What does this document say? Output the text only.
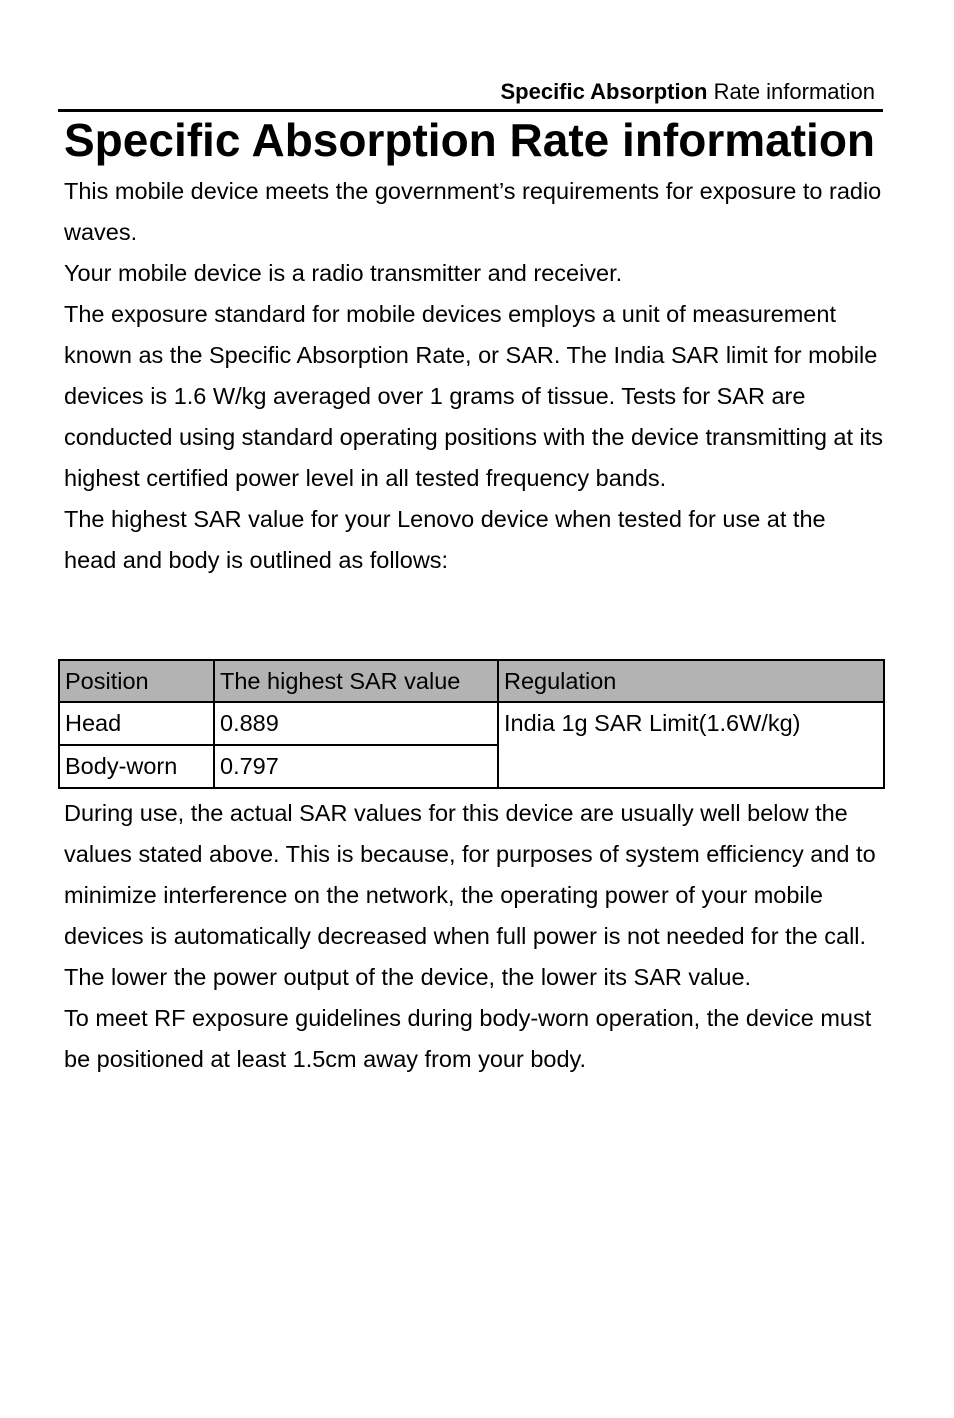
Specific Absorption Rate information
Specific Absorption Rate information

This mobile device meets the government’s requirements for exposure to radio waves.

Your mobile device is a radio transmitter and receiver.

The exposure standard for mobile devices employs a unit of measurement known as the Specific Absorption Rate, or SAR. The India SAR limit for mobile devices is 1.6 W/kg averaged over 1 grams of tissue. Tests for SAR are conducted using standard operating positions with the device transmitting at its highest certified power level in all tested frequency bands.

The highest SAR value for your Lenovo device when tested for use at the head and body is outlined as follows:

Position	The highest SAR value	Regulation
Head	0.889	India 1g SAR Limit(1.6W/kg)
Body-worn	0.797	

During use, the actual SAR values for this device are usually well below the values stated above. This is because, for purposes of system efficiency and to minimize interference on the network, the operating power of your mobile devices is automatically decreased when full power is not needed for the call. The lower the power output of the device, the lower its SAR value.

To meet RF exposure guidelines during body-worn operation, the device must be positioned at least 1.5cm away from your body.
